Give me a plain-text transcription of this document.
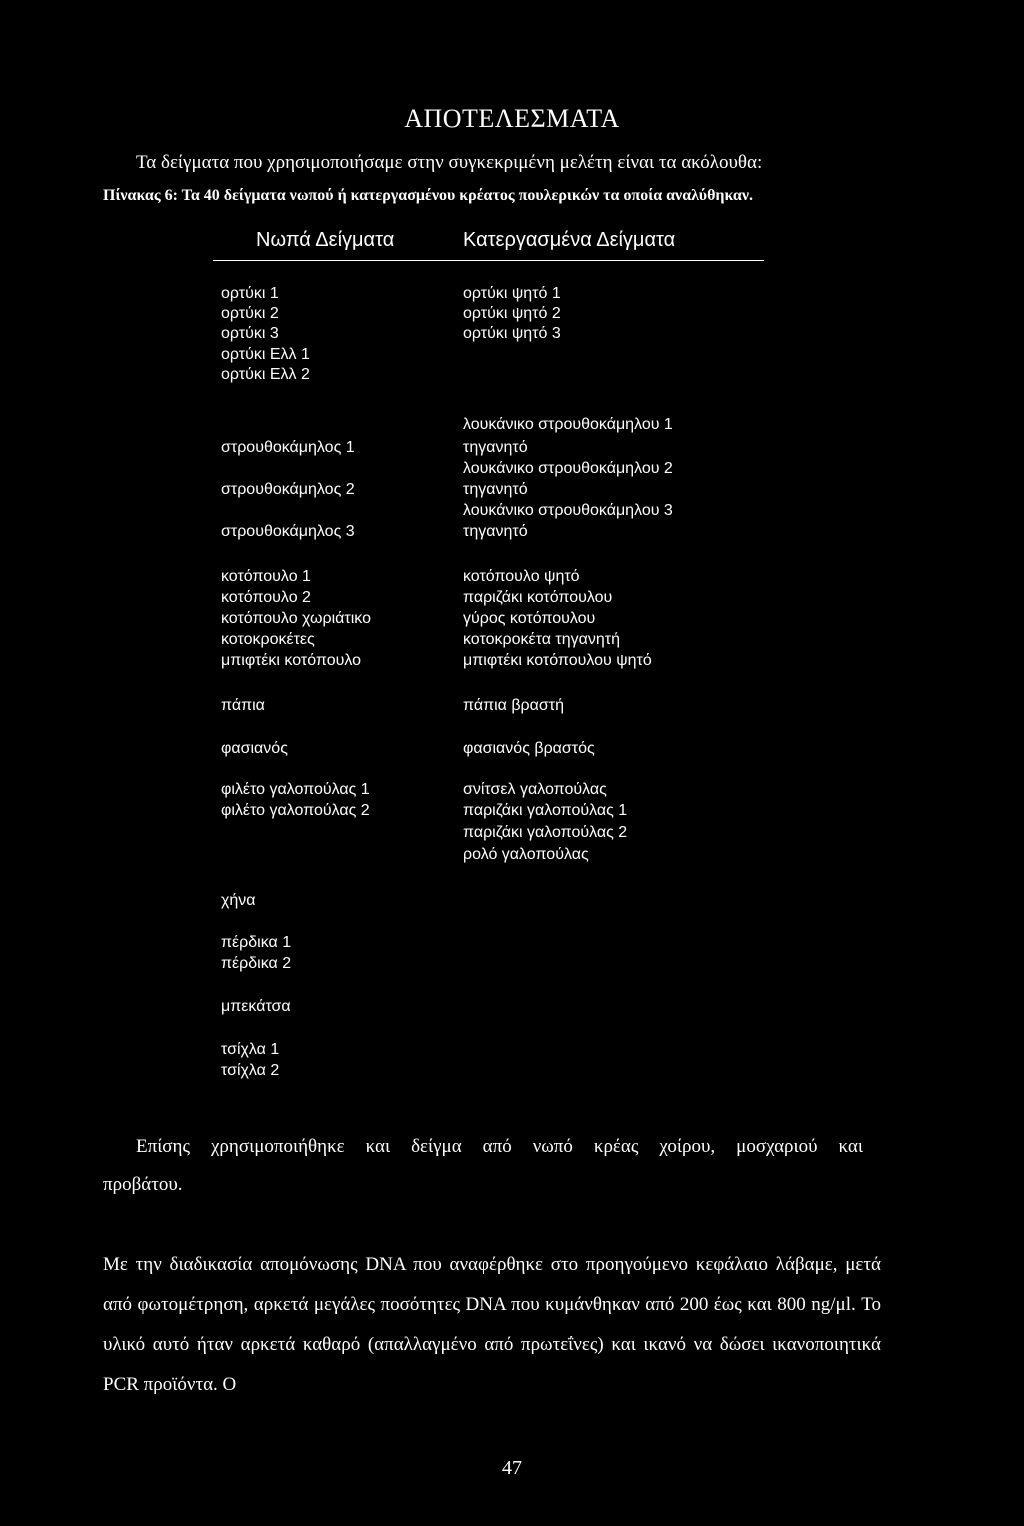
ΑΠΟΤΕΛΕΣΜΑΤΑ
Τα δείγματα που χρησιμοποιήσαμε στην συγκεκριμένη μελέτη είναι τα ακόλουθα:
Πίνακας 6: Τα 40 δείγματα νωπού ή κατεργασμένου κρέατος πουλερικών τα οποία αναλύθηκαν.
Νωπά Δείγματα	Κατεργασμένα Δείγματα
ορτύκι 1
ορτύκι 2
ορτύκι 3
ορτύκι Ελλ 1
ορτύκι Ελλ 2
στρουθοκάμηλος 1
στρουθοκάμηλος 2
στρουθοκάμηλος 3
κοτόπουλο 1
κοτόπουλο 2
κοτόπουλο χωριάτικο
κοτοκροκέτες
μπιφτέκι κοτόπουλο
πάπια
φασιανός
φιλέτο γαλοπούλας 1
φιλέτο γαλοπούλας 2
χήνα
πέρδικα 1
πέρδικα 2
μπεκάτσα
τσίχλα 1
τσίχλα 2
ορτύκι ψητό 1
ορτύκι ψητό 2
ορτύκι ψητό 3
λουκάνικο στρουθοκάμηλου 1
τηγανητό
λουκάνικο στρουθοκάμηλου 2
τηγανητό
λουκάνικο στρουθοκάμηλου 3
τηγανητό
κοτόπουλο ψητό
παριζάκι κοτόπουλου
γύρος κοτόπουλου
κοτοκροκέτα τηγανητή
μπιφτέκι κοτόπουλου ψητό
πάπια βραστή
φασιανός βραστός
σνίτσελ γαλοπούλας
παριζάκι γαλοπούλας 1
παριζάκι γαλοπούλας 2
ρολό γαλοπούλας
Επίσης χρησιμοποιήθηκε και δείγμα από νωπό κρέας χοίρου, μοσχαριού και
προβάτου.
Με την διαδικασία απομόνωσης DNA που αναφέρθηκε στο προηγούμενο κεφάλαιο λάβαμε, μετά από φωτομέτρηση, αρκετά μεγάλες ποσότητες DNA που κυμάνθηκαν από 200 έως και 800 ng/μl. Το υλικό αυτό ήταν αρκετά καθαρό (απαλλαγμένο από πρωτεΐνες) και ικανό να δώσει ικανοποιητικά PCR προϊόντα. Ο
47
